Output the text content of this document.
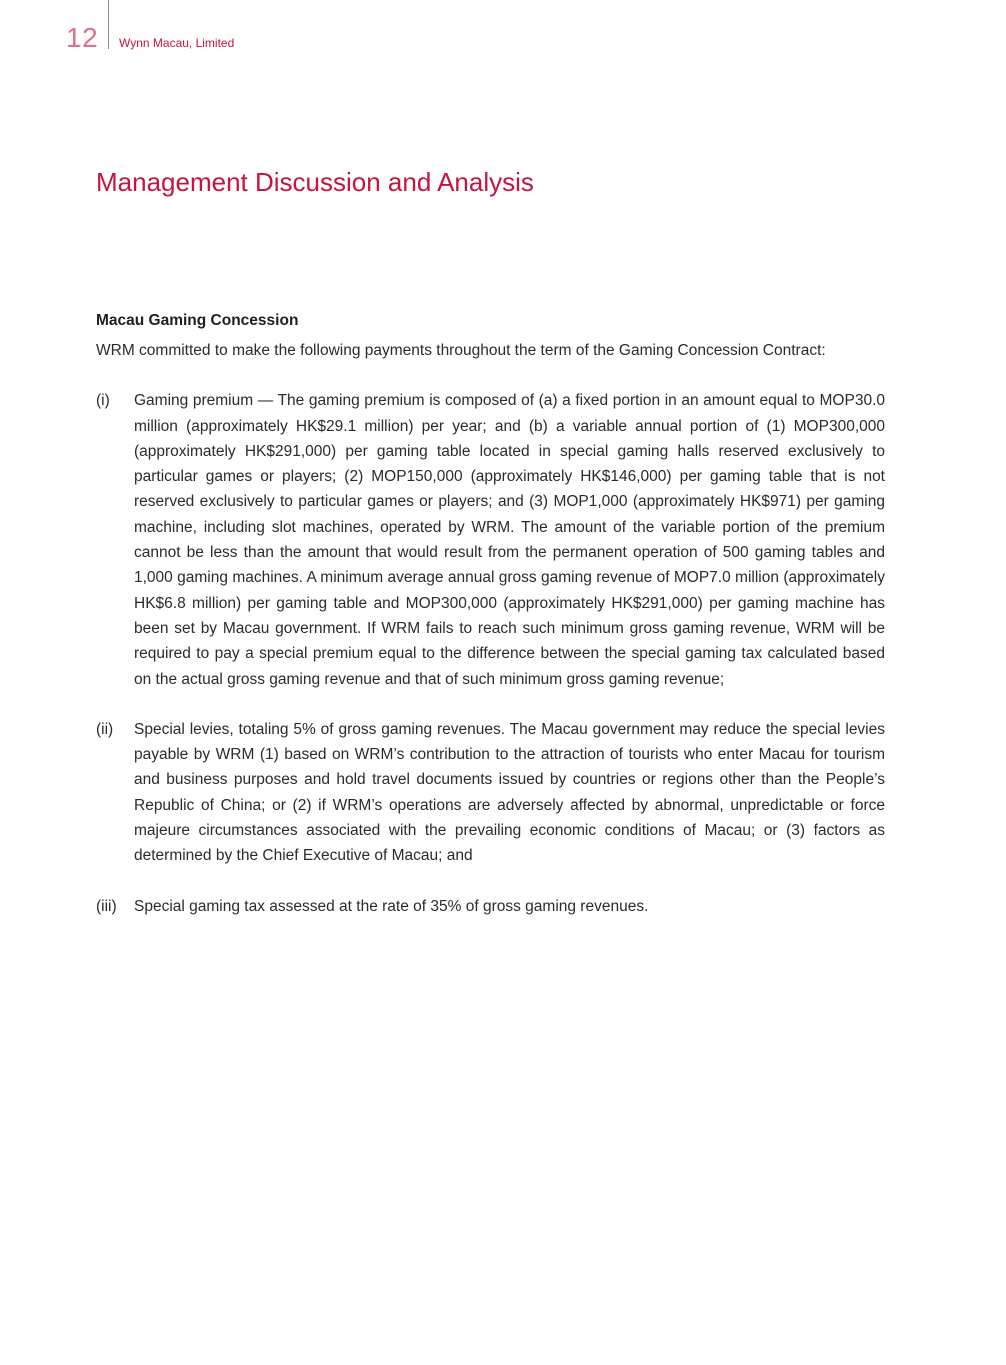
12 Wynn Macau, Limited
Management Discussion and Analysis
Macau Gaming Concession

WRM committed to make the following payments throughout the term of the Gaming Concession Contract:

(i)	Gaming premium — The gaming premium is composed of (a) a fixed portion in an amount equal to MOP30.0 million (approximately HK$29.1 million) per year; and (b) a variable annual portion of (1) MOP300,000 (approximately HK$291,000) per gaming table located in special gaming halls reserved exclusively to particular games or players; (2) MOP150,000 (approximately HK$146,000) per gaming table that is not reserved exclusively to particular games or players; and (3) MOP1,000 (approximately HK$971) per gaming machine, including slot machines, operated by WRM. The amount of the variable portion of the premium cannot be less than the amount that would result from the permanent operation of 500 gaming tables and 1,000 gaming machines. A minimum average annual gross gaming revenue of MOP7.0 million (approximately HK$6.8 million) per gaming table and MOP300,000 (approximately HK$291,000) per gaming machine has been set by Macau government. If WRM fails to reach such minimum gross gaming revenue, WRM will be required to pay a special premium equal to the difference between the special gaming tax calculated based on the actual gross gaming revenue and that of such minimum gross gaming revenue;
(ii)	Special levies, totaling 5% of gross gaming revenues. The Macau government may reduce the special levies payable by WRM (1) based on WRM’s contribution to the attraction of tourists who enter Macau for tourism and business purposes and hold travel documents issued by countries or regions other than the People’s Republic of China; or (2) if WRM’s operations are adversely affected by abnormal, unpredictable or force majeure circumstances associated with the prevailing economic conditions of Macau; or (3) factors as determined by the Chief Executive of Macau; and
(iii)	Special gaming tax assessed at the rate of 35% of gross gaming revenues.
